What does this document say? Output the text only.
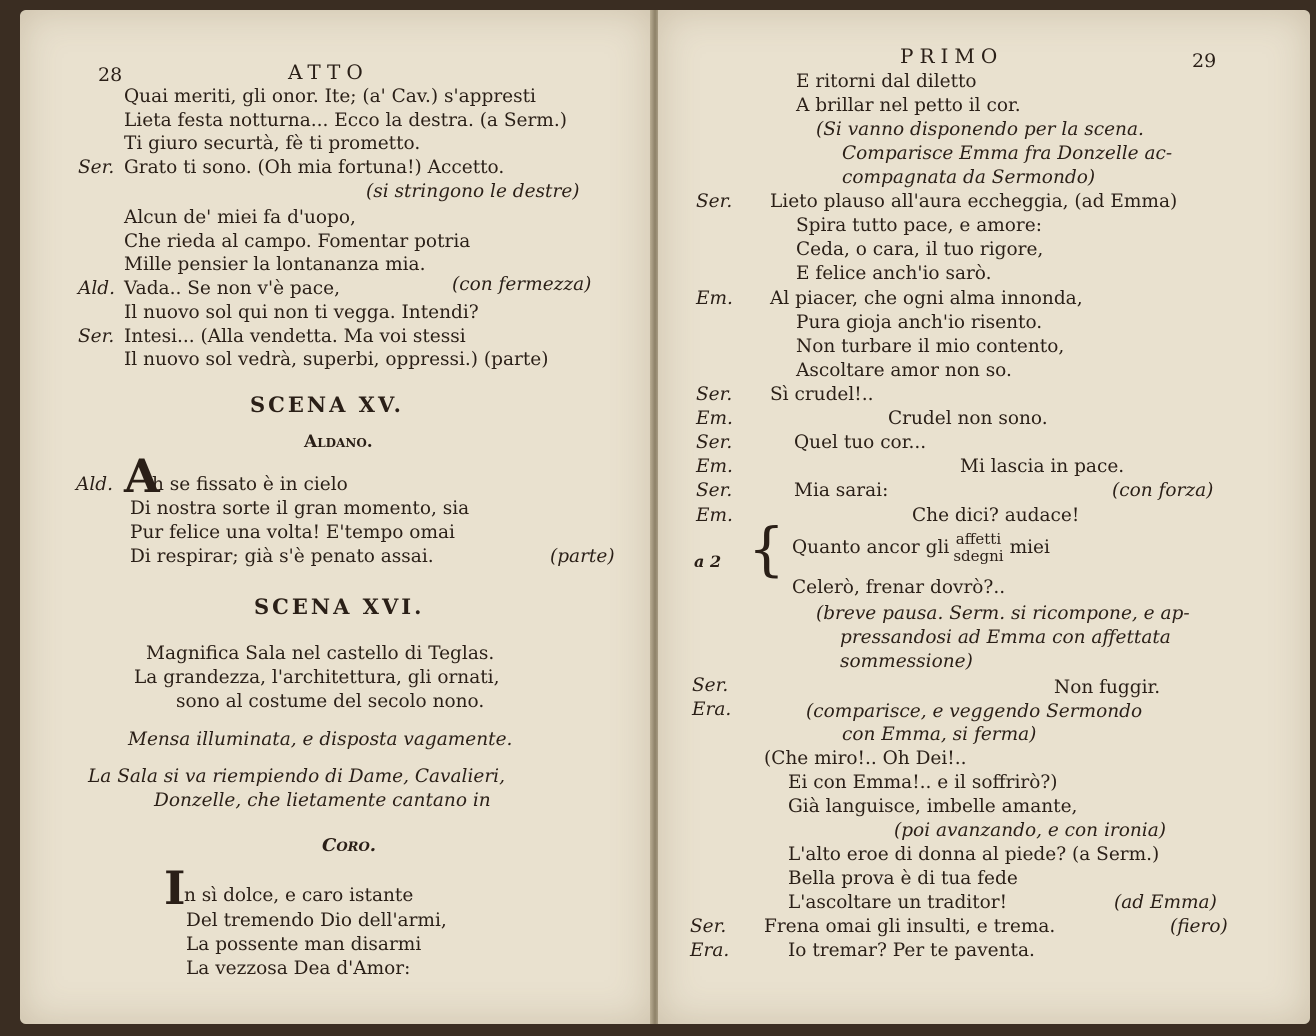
28	ATTO
Quai meriti, gli onor. Ite; (a' Cav.) s'appresti
Lieta festa notturna... Ecco la destra. (a Serm.)
Ti giuro securtà, fè ti prometto.
Ser. Grato ti sono. (Oh mia fortuna!) Accetto.
(si stringono le destre)
Alcun de' miei fa d'uopo,
Che rieda al campo. Fomentar potria
Mille pensier la lontananza mia.
Ald. Vada.. Se non v'è pace,	(con fermezza)
Il nuovo sol qui non ti vegga. Intendi?
Ser. Intesi... (Alla vendetta. Ma voi stessi
Il nuovo sol vedrà, superbi, oppressi.) (parte)
SCENA XV.
Aldano.
Ald. A
h se fissato è in cielo
Di nostra sorte il gran momento, sia
Pur felice una volta! E'tempo omai
Di respirar; già s'è penato assai.	(parte)
SCENA XVI.
Magnifica Sala nel castello di Teglas.
La grandezza, l'architettura, gli ornati,
sono al costume del secolo nono.
Mensa illuminata, e disposta vagamente.
La Sala si va riempiendo di Dame, Cavalieri,
Donzelle, che lietamente cantano in
Coro.
I
n sì dolce, e caro istante
Del tremendo Dio dell'armi,
La possente man disarmi
La vezzosa Dea d'Amor:
PRIMO	29
E ritorni dal diletto
A brillar nel petto il cor.
(Si vanno disponendo per la scena.
Comparisce Emma fra Donzelle ac-
compagnata da Sermondo)
Ser. Lieto plauso all'aura eccheggia, (ad Emma)
Spira tutto pace, e amore:
Ceda, o cara, il tuo rigore,
E felice anch'io sarò.
Em. Al piacer, che ogni alma innonda,
Pura gioja anch'io risento.
Non turbare il mio contento,
Ascoltare amor non so.
Ser. Sì crudel!..
Em.	Crudel non sono.
Ser.	Quel tuo cor...
Em.	Mi lascia in pace.
Ser.	Mia sarai:	(con forza)
Em.	Che dici? audace!
a 2 { Quanto ancor gli affetti
sdegni miei
Celerò, frenar dovrò?..
(breve pausa. Serm. si ricompone, e ap-
pressandosi ad Emma con affettata
sommessione)
Ser.	Non fuggir.
Era.	(comparisce, e veggendo Sermondo
con Emma, si ferma)
(Che miro!.. Oh Dei!..
Ei con Emma!.. e il soffrirò?)
Già languisce, imbelle amante,
(poi avanzando, e con ironia)
L'alto eroe di donna al piede? (a Serm.)
Bella prova è di tua fede
L'ascoltare un traditor!	(ad Emma)
Ser. Frena omai gli insulti, e trema.	(fiero)
Era.	Io tremar? Per te paventa.
